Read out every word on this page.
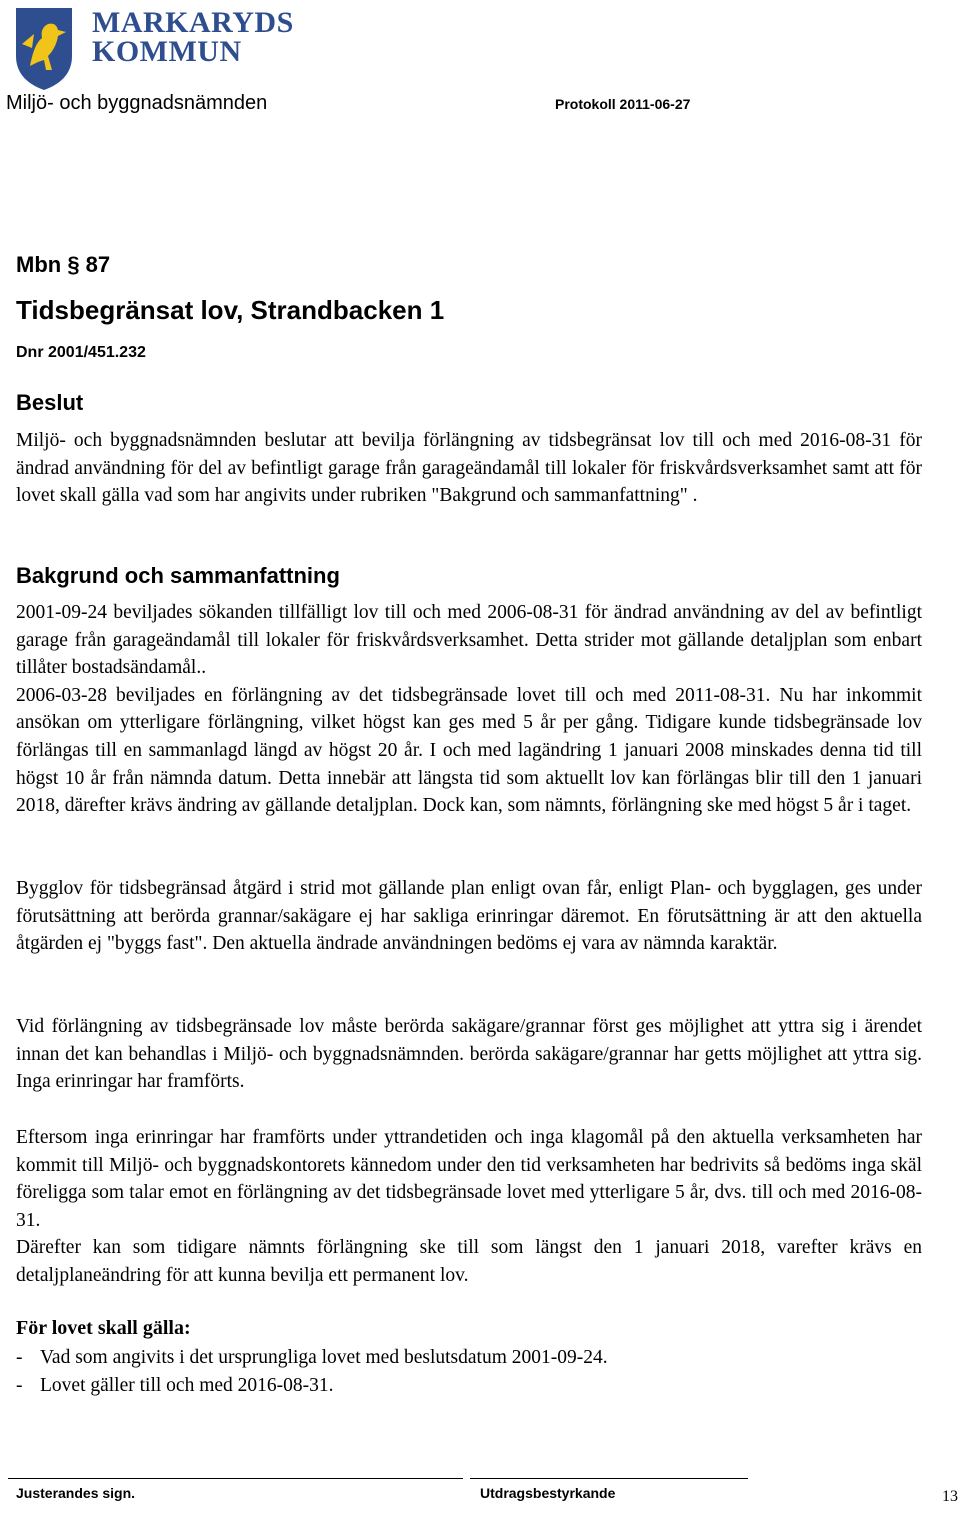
MARKARYDS
KOMMUN
Miljö- och byggnadsnämnden	Protokoll 2011-06-27
Mbn § 87
Tidsbegränsat lov, Strandbacken 1
Dnr 2001/451.232
Beslut

Miljö- och byggnadsnämnden beslutar att bevilja förlängning av tidsbegränsat lov till och med 2016-08-31 för ändrad användning för del av befintligt garage från garageändamål till lokaler för friskvårdsverksamhet samt att för lovet skall gälla vad som har angivits under rubriken "Bakgrund och sammanfattning" .

Bakgrund och sammanfattning

2001-09-24 beviljades sökanden tillfälligt lov till och med 2006-08-31 för ändrad användning av del av befintligt garage från garageändamål till lokaler för friskvårdsverksamhet. Detta strider mot gällande detaljplan som enbart tillåter bostadsändamål..

2006-03-28 beviljades en förlängning av det tidsbegränsade lovet till och med 2011-08-31. Nu har inkommit ansökan om ytterligare förlängning, vilket högst kan ges med 5 år per gång. Tidigare kunde tidsbegränsade lov förlängas till en sammanlagd längd av högst 20 år. I och med lagändring 1 januari 2008 minskades denna tid till högst 10 år från nämnda datum. Detta innebär att längsta tid som aktuellt lov kan förlängas blir till den 1 januari 2018, därefter krävs ändring av gällande detaljplan. Dock kan, som nämnts, förlängning ske med högst 5 år i taget.

Bygglov för tidsbegränsad åtgärd i strid mot gällande plan enligt ovan får, enligt Plan- och bygglagen, ges under förutsättning att berörda grannar/sakägare ej har sakliga erinringar däremot. En förutsättning är att den aktuella åtgärden ej "byggs fast". Den aktuella ändrade användningen bedöms ej vara av nämnda karaktär.

Vid förlängning av tidsbegränsade lov måste berörda sakägare/grannar först ges möjlighet att yttra sig i ärendet innan det kan behandlas i Miljö- och byggnadsnämnden. berörda sakägare/grannar har getts möjlighet att yttra sig. Inga erinringar har framförts.

Eftersom inga erinringar har framförts under yttrandetiden och inga klagomål på den aktuella verksamheten har kommit till Miljö- och byggnadskontorets kännedom under den tid verksamheten har bedrivits så bedöms inga skäl föreligga som talar emot en förlängning av det tidsbegränsade lovet med ytterligare 5 år, dvs. till och med 2016-08-31.

Därefter kan som tidigare nämnts förlängning ske till som längst den 1 januari 2018, varefter krävs en detaljplaneändring för att kunna bevilja ett permanent lov.

För lovet skall gälla:
- Vad som angivits i det ursprungliga lovet med beslutsdatum 2001-09-24.
- Lovet gäller till och med 2016-08-31.
Justerandes sign.	Utdragsbestyrkande	13
